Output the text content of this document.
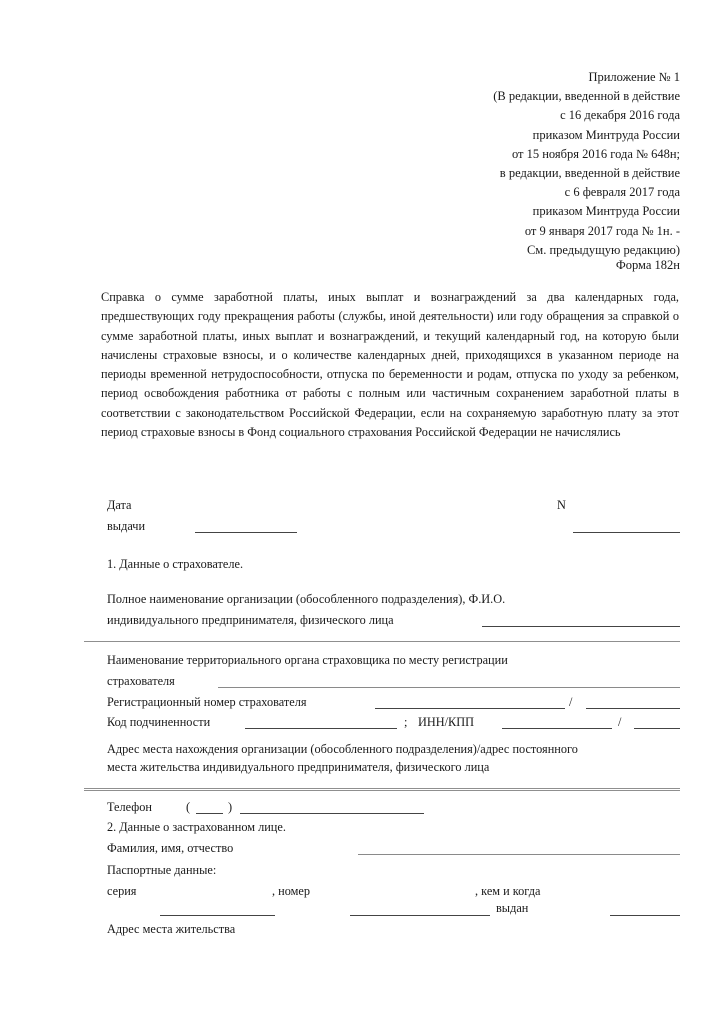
Приложение № 1
(В редакции, введенной в действие
с 16 декабря 2016 года
приказом Минтруда России
от 15 ноября 2016 года № 648н;
в редакции, введенной в действие
с 6 февраля 2017 года
приказом Минтруда России
от 9 января 2017 года № 1н. -
См. предыдущую редакцию)
Форма 182н
Справка о сумме заработной платы, иных выплат и вознаграждений за два календарных года, предшествующих году прекращения работы (службы, иной деятельности) или году обращения за справкой о сумме заработной платы, иных выплат и вознаграждений, и текущий календарный год, на которую были начислены страховые взносы, и о количестве календарных дней, приходящихся в указанном периоде на периоды временной нетрудоспособности, отпуска по беременности и родам, отпуска по уходу за ребенком, период освобождения работника от работы с полным или частичным сохранением заработной платы в соответствии с законодательством Российской Федерации, если на сохраняемую заработную плату за этот период страховые взносы в Фонд социального страхования Российской Федерации не начислялись
Дата
выдачи
N
1. Данные о страхователе.
Полное наименование организации (обособленного подразделения), Ф.И.О.
индивидуального предпринимателя, физического лица
Наименование территориального органа страховщика по месту регистрации
страхователя
Регистрационный номер страхователя	/
Код подчиненности	; ИНН/КПП	/
Адрес места нахождения организации (обособленного подразделения)/адрес постоянного
места жительства индивидуального предпринимателя, физического лица
Телефон	(	)
2. Данные о застрахованном лице.
Фамилия, имя, отчество
Паспортные данные:
серия	, номер	, кем и когда
выдан
Адрес места жительства
